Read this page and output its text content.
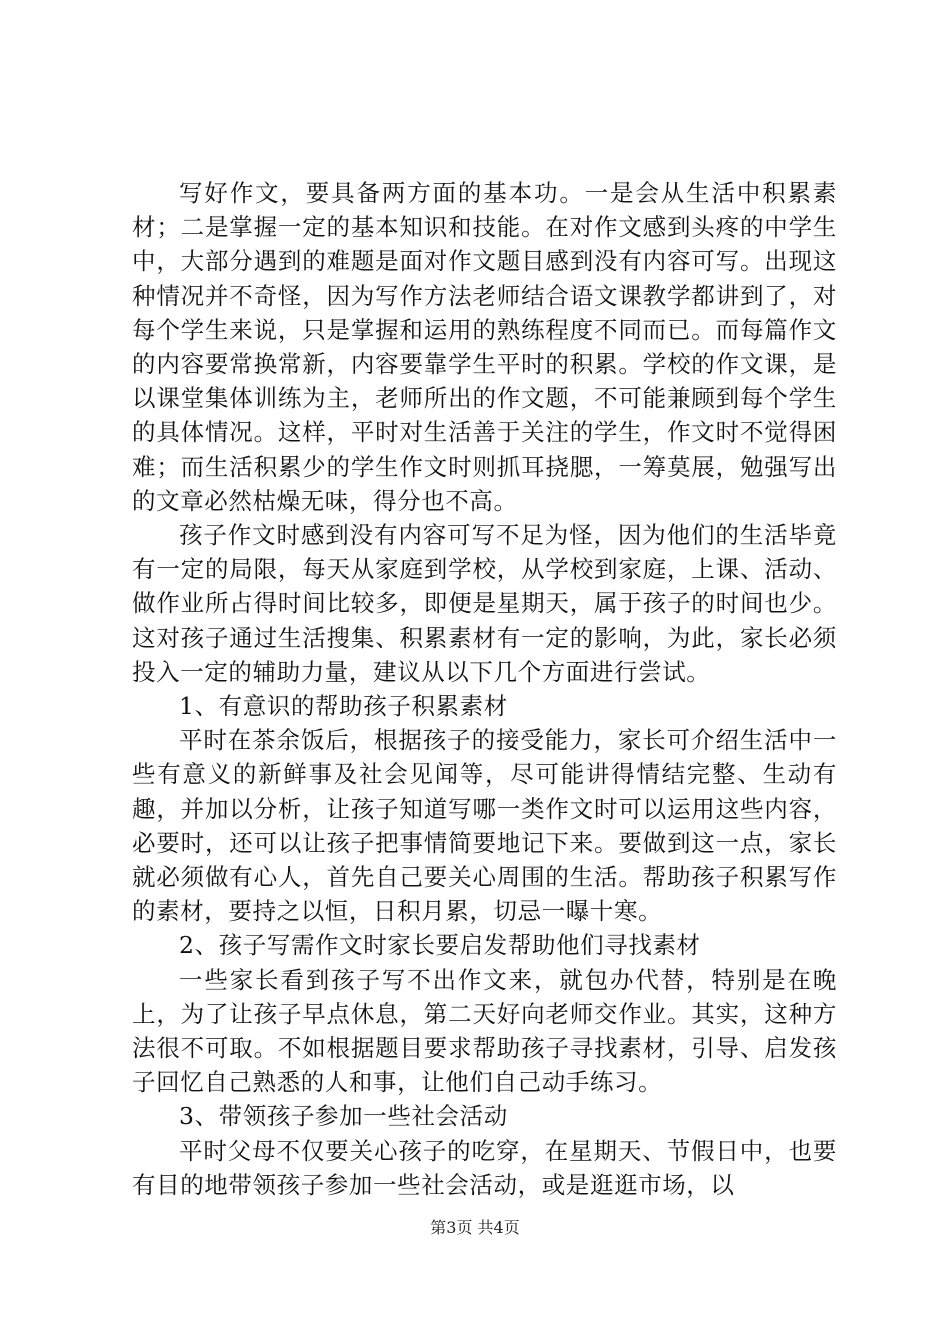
写好作文，要具备两方面的基本功。一是会从生活中积累素材；二是掌握一定的基本知识和技能。在对作文感到头疼的中学生中，大部分遇到的难题是面对作文题目感到没有内容可写。出现这种情况并不奇怪，因为写作方法老师结合语文课教学都讲到了，对每个学生来说，只是掌握和运用的熟练程度不同而已。而每篇作文的内容要常换常新，内容要靠学生平时的积累。学校的作文课，是以课堂集体训练为主，老师所出的作文题，不可能兼顾到每个学生的具体情况。这样，平时对生活善于关注的学生，作文时不觉得困难；而生活积累少的学生作文时则抓耳挠腮，一筹莫展，勉强写出的文章必然枯燥无味，得分也不高。

孩子作文时感到没有内容可写不足为怪，因为他们的生活毕竟有一定的局限，每天从家庭到学校，从学校到家庭，上课、活动、做作业所占得时间比较多，即便是星期天，属于孩子的时间也少。这对孩子通过生活搜集、积累素材有一定的影响，为此，家长必须投入一定的辅助力量，建议从以下几个方面进行尝试。

1、有意识的帮助孩子积累素材

平时在茶余饭后，根据孩子的接受能力，家长可介绍生活中一些有意义的新鲜事及社会见闻等，尽可能讲得情结完整、生动有趣，并加以分析，让孩子知道写哪一类作文时可以运用这些内容，必要时，还可以让孩子把事情简要地记下来。要做到这一点，家长就必须做有心人，首先自己要关心周围的生活。帮助孩子积累写作的素材，要持之以恒，日积月累，切忌一曝十寒。

2、孩子写需作文时家长要启发帮助他们寻找素材

一些家长看到孩子写不出作文来，就包办代替，特别是在晚上，为了让孩子早点休息，第二天好向老师交作业。其实，这种方法很不可取。不如根据题目要求帮助孩子寻找素材，引导、启发孩子回忆自己熟悉的人和事，让他们自己动手练习。

3、带领孩子参加一些社会活动

平时父母不仅要关心孩子的吃穿，在星期天、节假日中，也要有目的地带领孩子参加一些社会活动，或是逛逛市场，以

第3页 共4页
